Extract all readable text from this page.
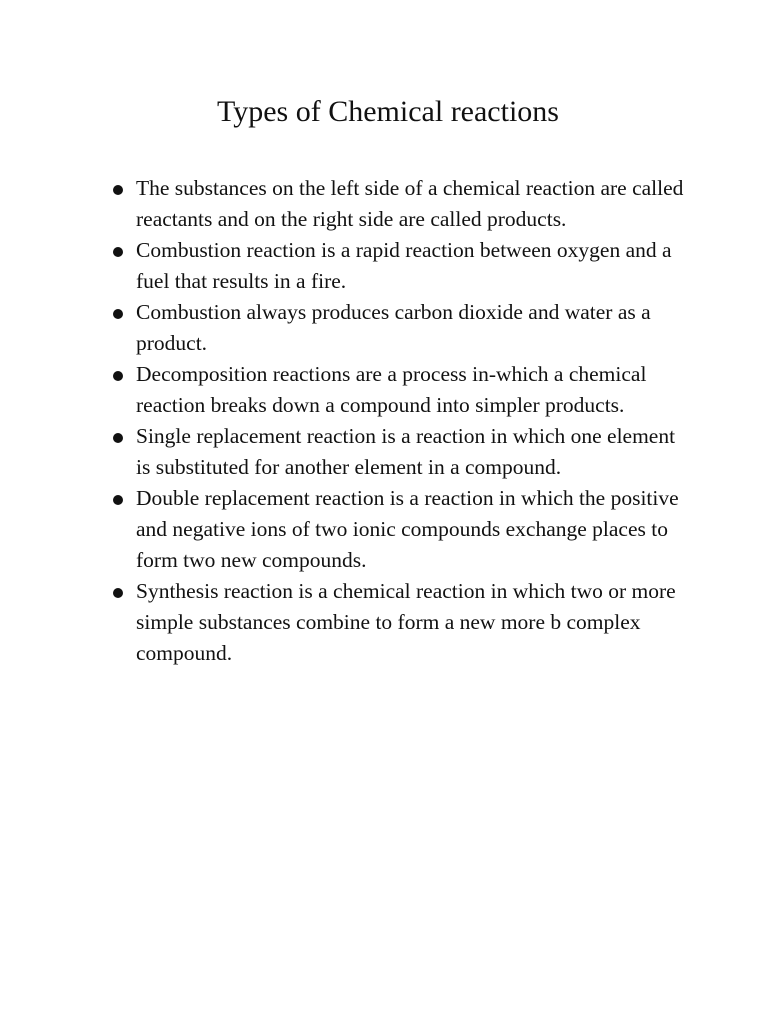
Types of Chemical reactions
The substances on the left side of a chemical reaction are called reactants and on the right side are called products.
Combustion reaction is a rapid reaction between oxygen and a fuel that results in a fire.
Combustion always produces carbon dioxide and water as a product.
Decomposition reactions are a process in-which a chemical reaction breaks down a compound into simpler products.
Single replacement reaction is a reaction in which one element is substituted for another element in a compound.
Double replacement reaction is a reaction in which the positive and negative ions of two ionic compounds exchange places to form two new compounds.
Synthesis reaction is a chemical reaction in which two or more simple substances combine to form a new more b complex compound.
